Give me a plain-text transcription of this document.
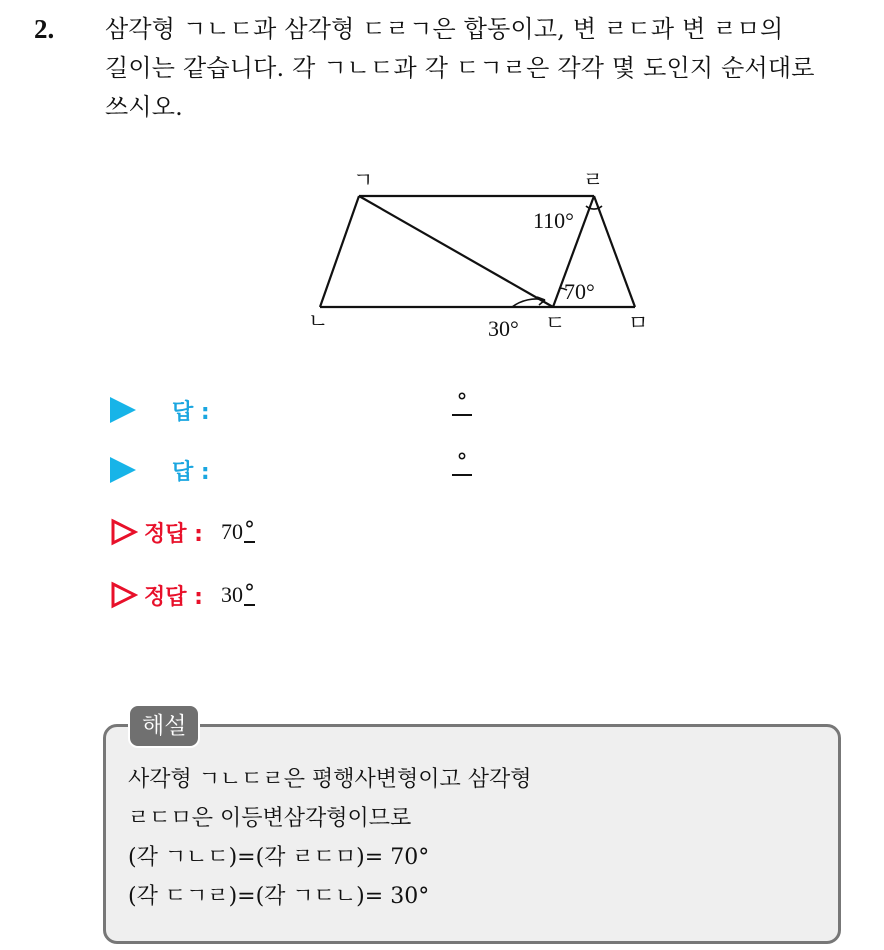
2. 삼각형 ㄱㄴㄷ과 삼각형 ㄷㄹㄱ은 합동이고, 변 ㄹㄷ과 변 ㄹㅁ의
길이는 같습니다. 각 ㄱㄴㄷ과 각 ㄷㄱㄹ은 각각 몇 도인지 순서대로
쓰시오.
ㄱ	ㄹ
ㄴ	ㄷ	ㅁ
110°
70°
30°
답 :	°
답 :	°
정답 : 70 °
정답 : 30 °
해설
사각형 ㄱㄴㄷㄹ은 평행사변형이고 삼각형
ㄹㄷㅁ은 이등변삼각형이므로
(각 ㄱㄴㄷ)=(각 ㄹㄷㅁ)= 70°
(각 ㄷㄱㄹ)=(각 ㄱㄷㄴ)= 30°
